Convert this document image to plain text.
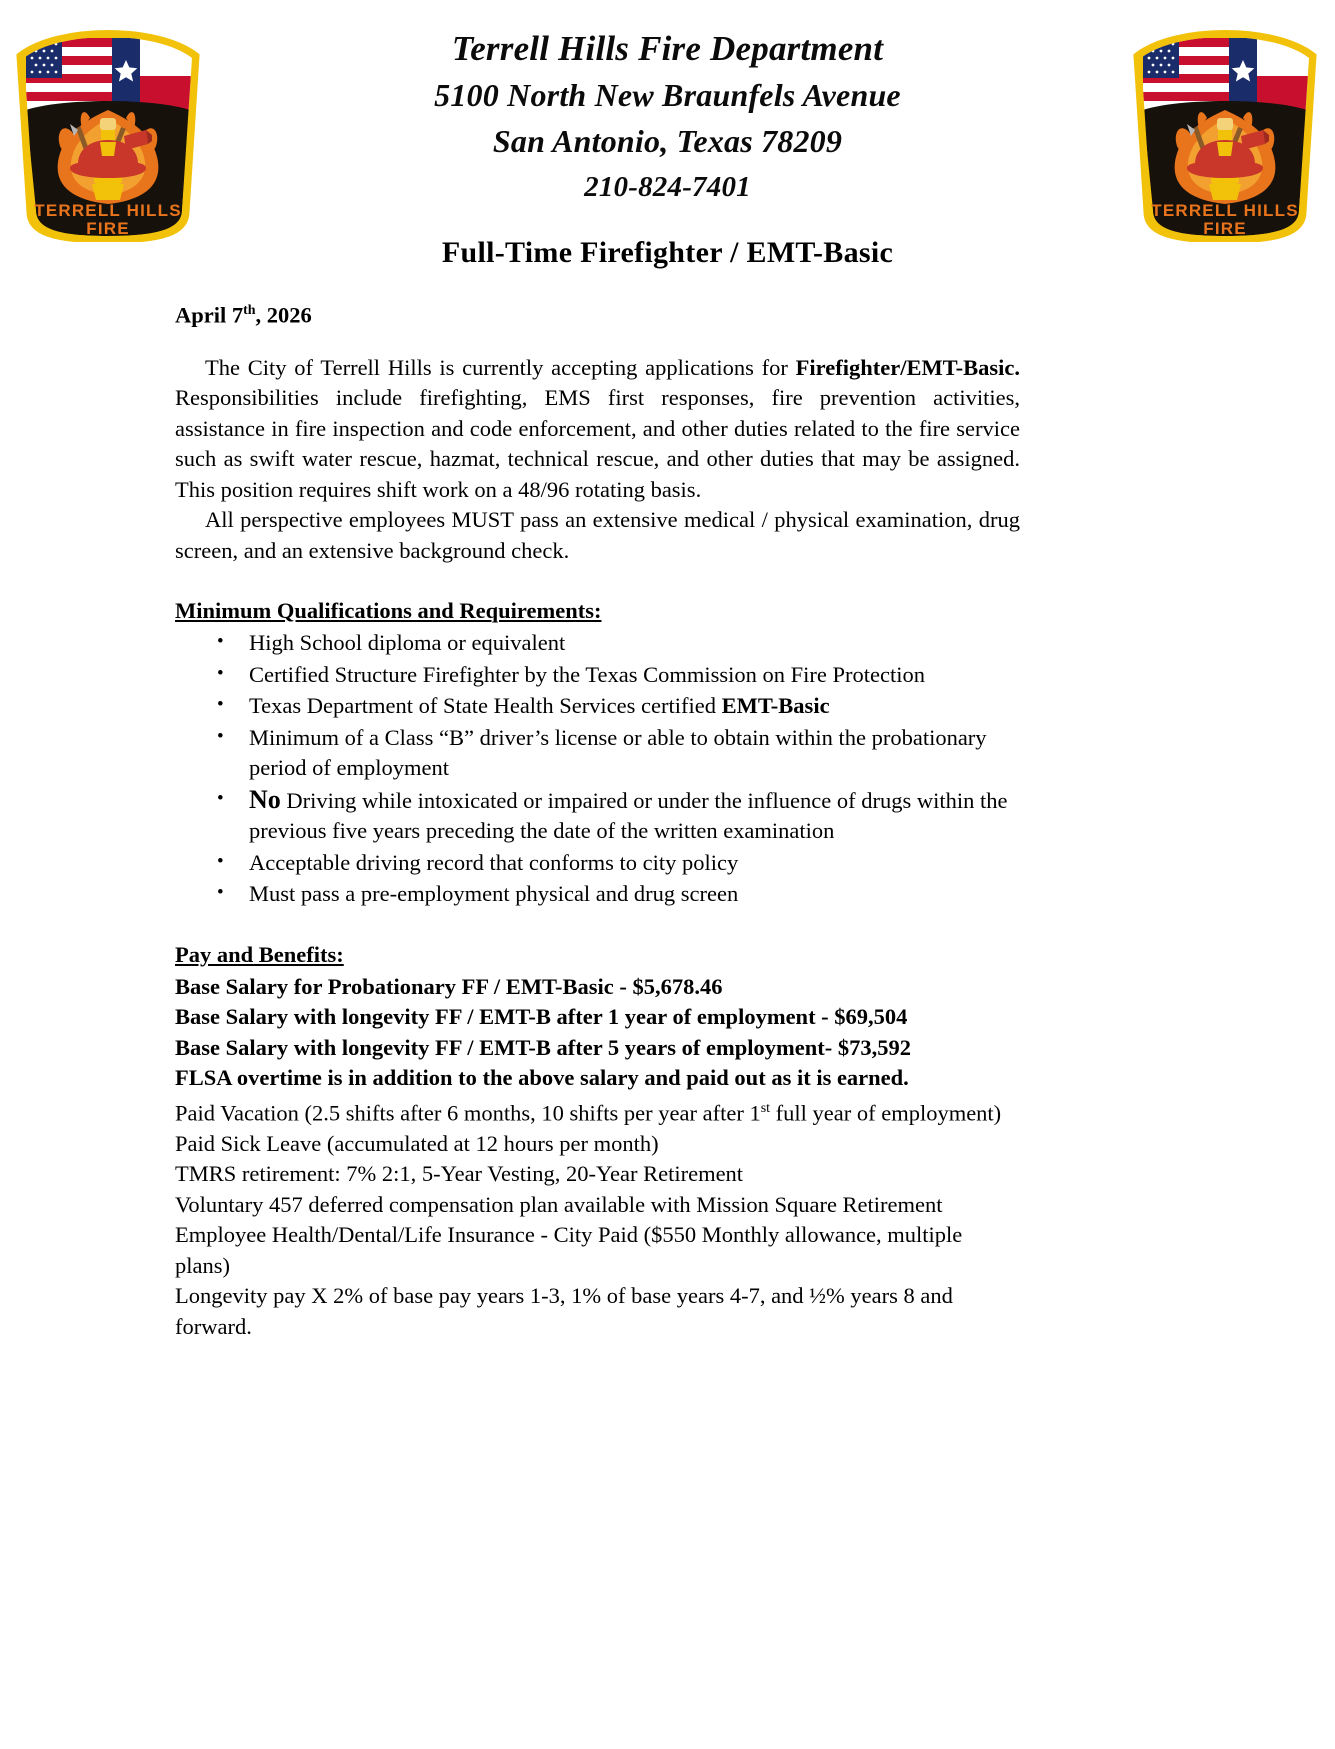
TERRELL HILLS
FIRE
TERRELL HILLS
FIRE
Terrell Hills Fire Department
5100 North New Braunfels Avenue
San Antonio, Texas 78209
210-824-7401
Full-Time Firefighter / EMT-Basic
April 7th, 2026

The City of Terrell Hills is currently accepting applications for Firefighter/EMT-Basic. Responsibilities include firefighting, EMS first responses, fire prevention activities, assistance in fire inspection and code enforcement, and other duties related to the fire service such as swift water rescue, hazmat, technical rescue, and other duties that may be assigned. This position requires shift work on a 48/96 rotating basis.

All perspective employees MUST pass an extensive medical / physical examination, drug screen, and an extensive background check.

Minimum Qualifications and Requirements:
• High School diploma or equivalent
• Certified Structure Firefighter by the Texas Commission on Fire Protection
• Texas Department of State Health Services certified EMT-Basic
• Minimum of a Class “B” driver’s license or able to obtain within the probationary period of employment
• No Driving while intoxicated or impaired or under the influence of drugs within the previous five years preceding the date of the written examination
• Acceptable driving record that conforms to city policy
• Must pass a pre-employment physical and drug screen
Pay and Benefits:
Base Salary for Probationary FF / EMT-Basic - $5,678.46
Base Salary with longevity FF / EMT-B after 1 year of employment - $69,504
Base Salary with longevity FF / EMT-B after 5 years of employment- $73,592
FLSA overtime is in addition to the above salary and paid out as it is earned.
Paid Vacation (2.5 shifts after 6 months, 10 shifts per year after 1st full year of employment)
Paid Sick Leave (accumulated at 12 hours per month)
TMRS retirement: 7% 2:1, 5-Year Vesting, 20-Year Retirement
Voluntary 457 deferred compensation plan available with Mission Square Retirement
Employee Health/Dental/Life Insurance - City Paid ($550 Monthly allowance, multiple plans)
Longevity pay X 2% of base pay years 1-3, 1% of base years 4-7, and ½% years 8 and forward.
